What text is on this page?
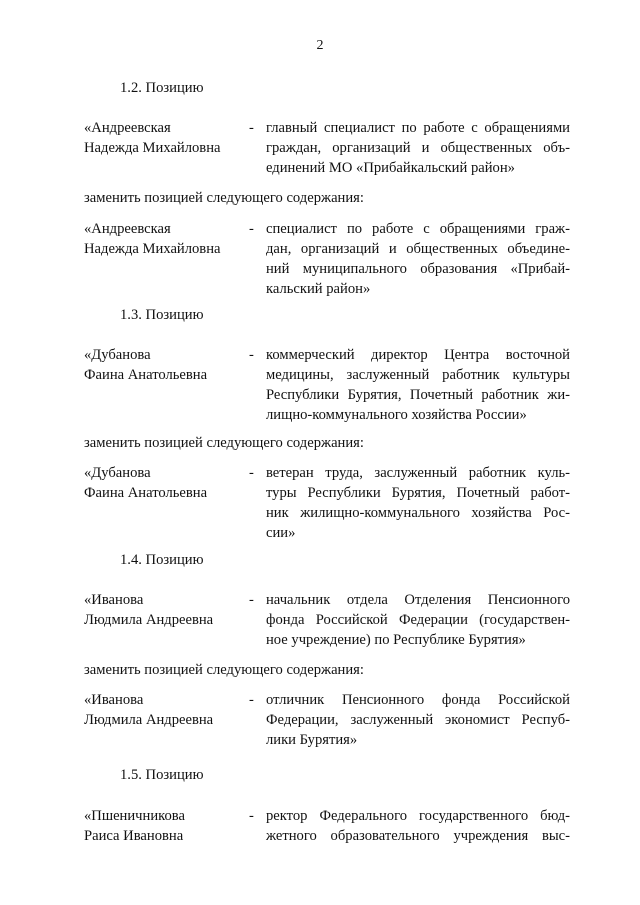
2
1.2. Позицию
«Андреевская
Надежда Михайловна
- главный специалист по работе с обращениями
граждан, организаций и общественных объ-
единений МО «Прибайкальский район»
заменить позицией следующего содержания:
«Андреевская
Надежда Михайловна
- специалист по работе с обращениями граж-
дан, организаций и общественных объедине-
ний муниципального образования «Прибай-
кальский район»
1.3. Позицию
«Дубанова
Фаина Анатольевна
- коммерческий директор Центра восточной
медицины, заслуженный работник культуры
Республики Бурятия, Почетный работник жи-
лищно-коммунального хозяйства России»
заменить позицией следующего содержания:
«Дубанова
Фаина Анатольевна
- ветеран труда, заслуженный работник куль-
туры Республики Бурятия, Почетный работ-
ник жилищно-коммунального хозяйства Рос-
сии»
1.4. Позицию
«Иванова
Людмила Андреевна
- начальник отдела Отделения Пенсионного
фонда Российской Федерации (государствен-
ное учреждение) по Республике Бурятия»
заменить позицией следующего содержания:
«Иванова
Людмила Андреевна
- отличник Пенсионного фонда Российской
Федерации, заслуженный экономист Респуб-
лики Бурятия»
1.5. Позицию
«Пшеничникова
Раиса Ивановна
- ректор Федерального государственного бюд-
жетного образовательного учреждения выс-
